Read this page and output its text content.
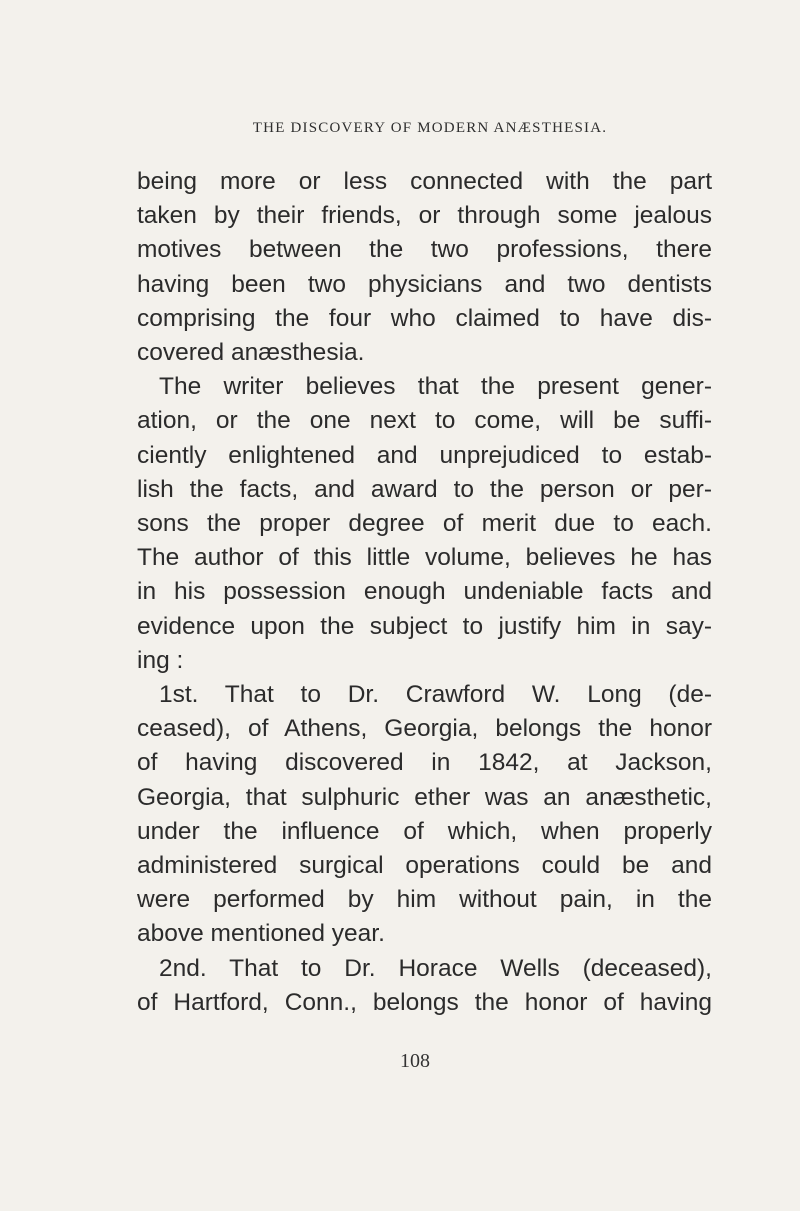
THE DISCOVERY OF MODERN ANÆSTHESIA.
being more or less connected with the part
taken by their friends, or through some jealous
motives between the two professions, there
having been two physicians and two dentists
comprising the four who claimed to have dis-
covered anæsthesia.
The writer believes that the present gener-
ation, or the one next to come, will be suffi-
ciently enlightened and unprejudiced to estab-
lish the facts, and award to the person or per-
sons the proper degree of merit due to each.
The author of this little volume, believes he has
in his possession enough undeniable facts and
evidence upon the subject to justify him in say-
ing :
1st. That to Dr. Crawford W. Long (de-
ceased), of Athens, Georgia, belongs the honor
of having discovered in 1842, at Jackson,
Georgia, that sulphuric ether was an anæsthetic,
under the influence of which, when properly
administered surgical operations could be and
were performed by him without pain, in the
above mentioned year.
2nd. That to Dr. Horace Wells (deceased),
of Hartford, Conn., belongs the honor of having
108
